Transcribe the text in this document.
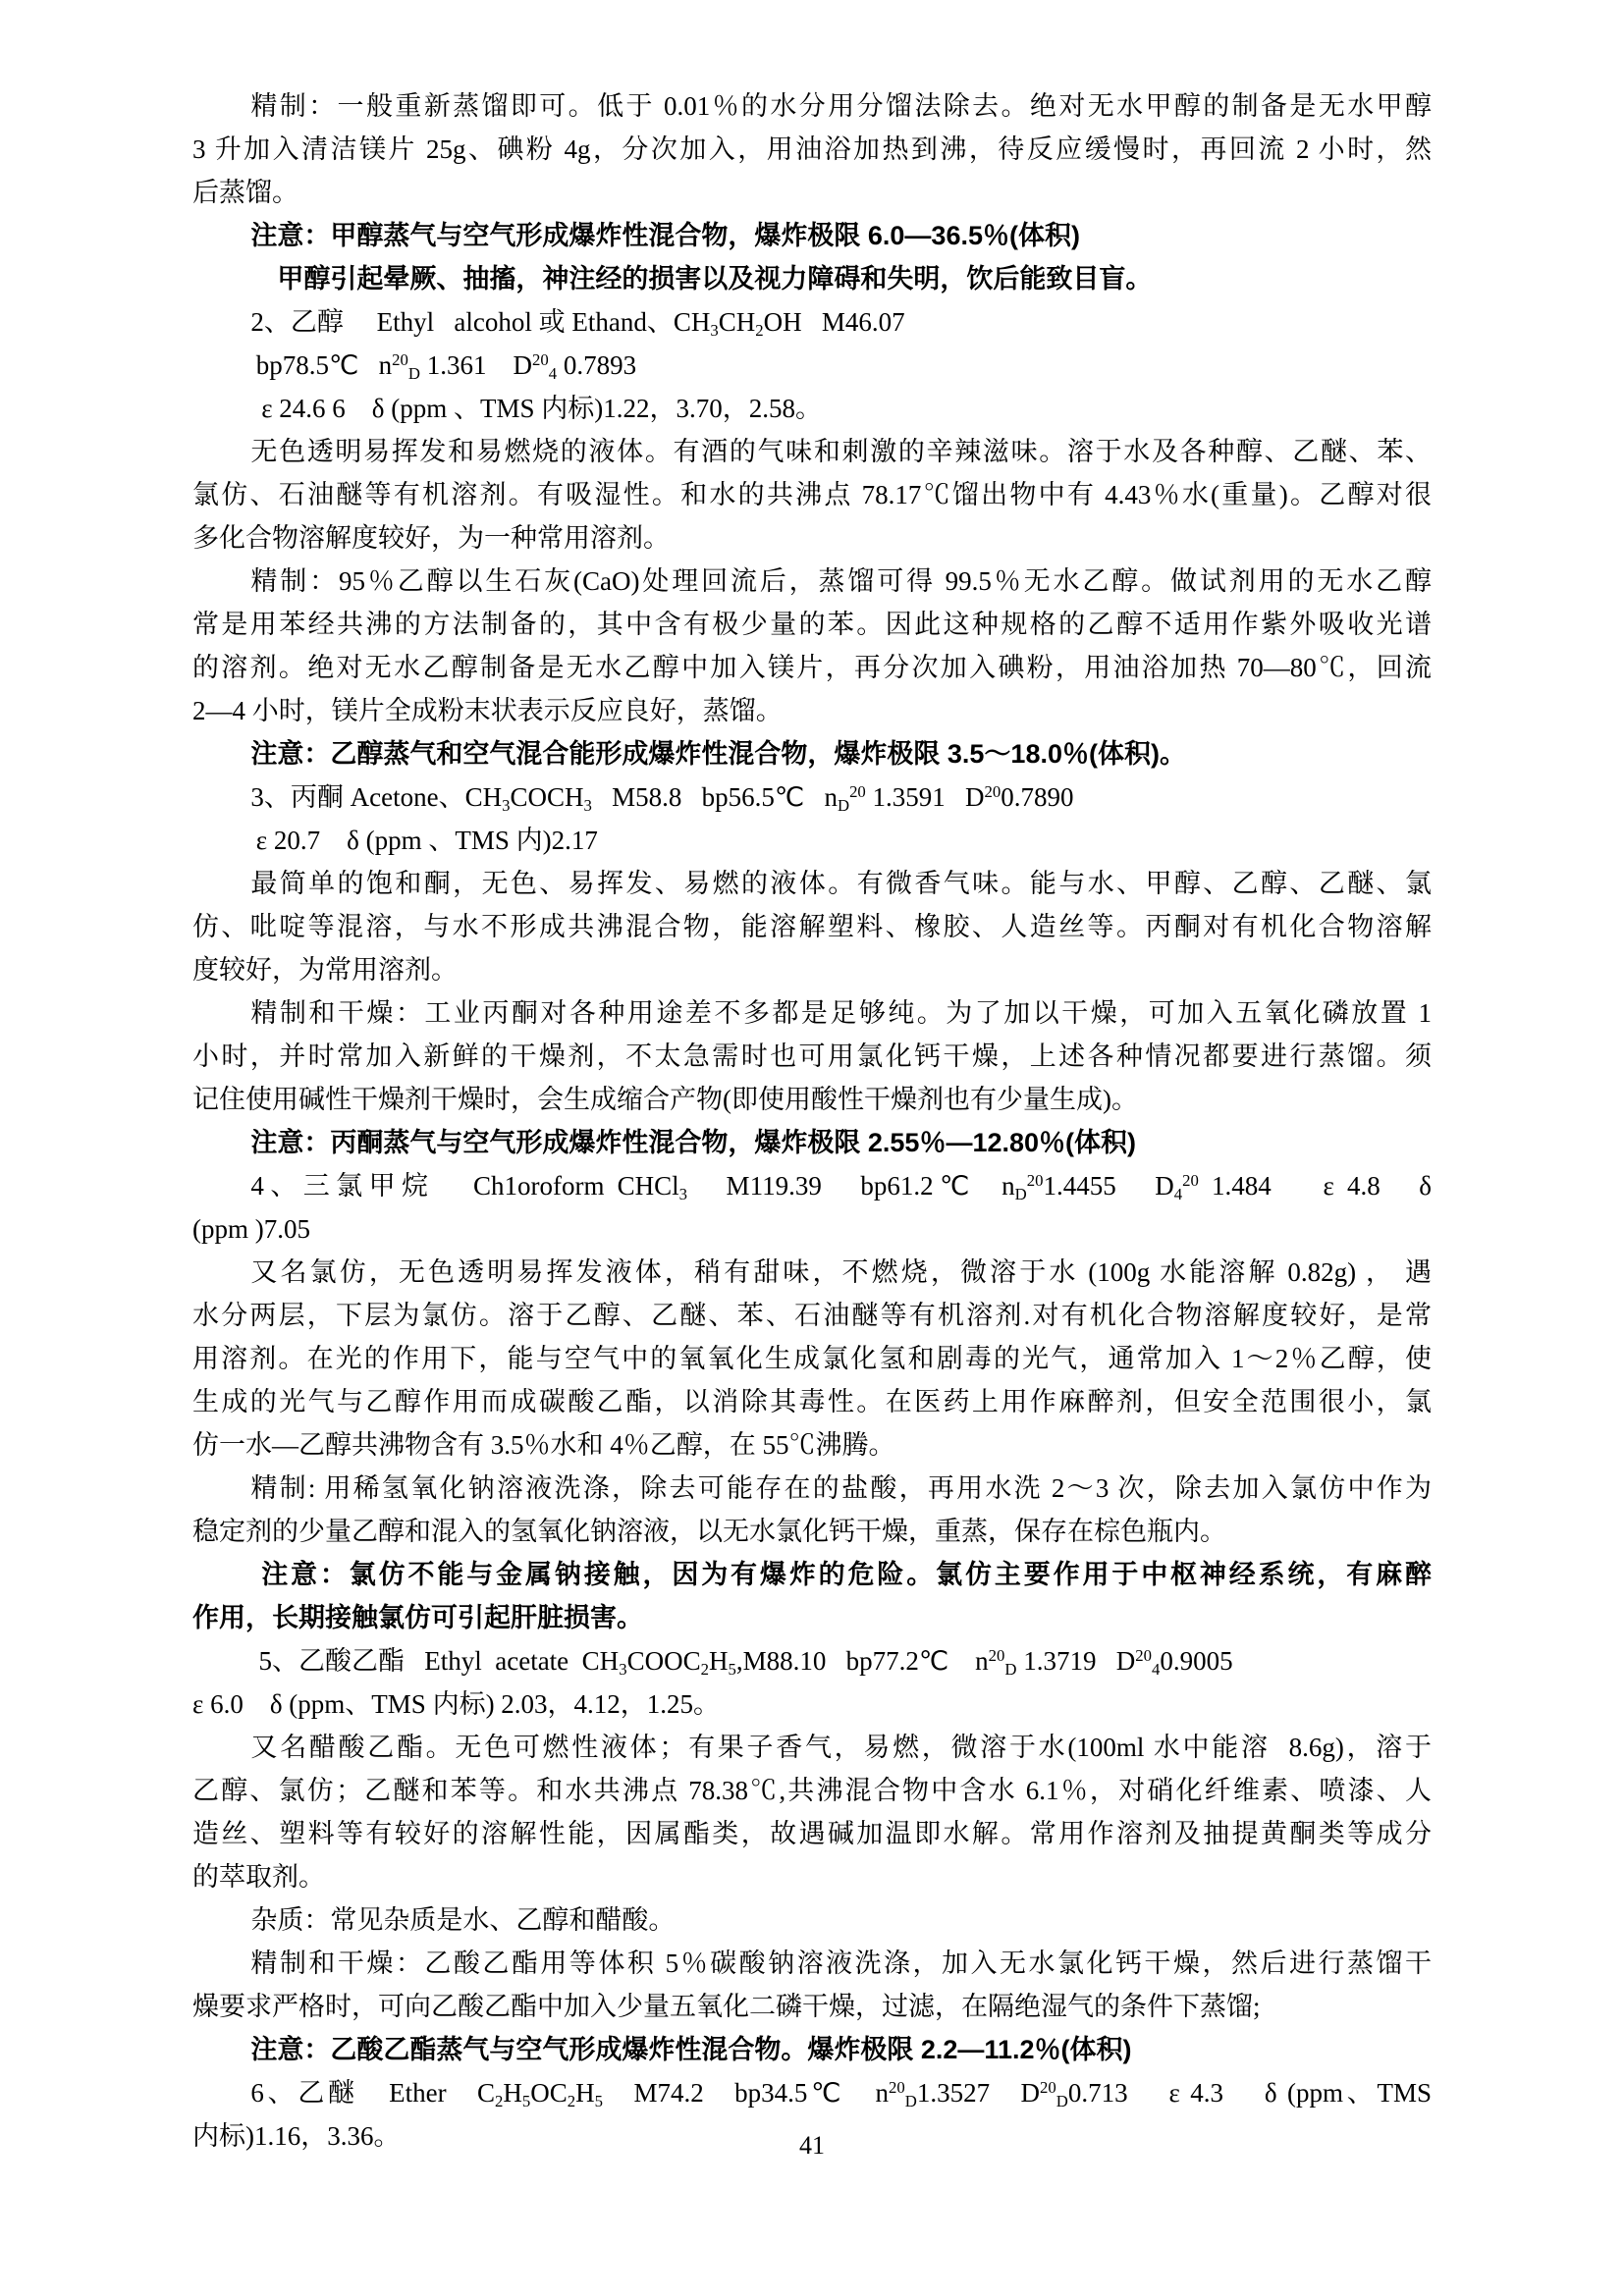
精制：一般重新蒸馏即可。低于 0.01％的水分用分馏法除去。绝对无水甲醇的制备是无水甲醇
3 升加入清洁镁片 25g、碘粉 4g，分次加入，用油浴加热到沸，待反应缓慢时，再回流 2 小时，然
后蒸馏。
注意：甲醇蒸气与空气形成爆炸性混合物，爆炸极限 6.0—36.5％(体积)
甲醇引起晕厥、抽搐，神注经的损害以及视力障碍和失明，饮后能致目盲。
2、乙醇     Ethyl   alcohol 或 Ethand、CH3CH2OH   M46.07
bp78.5℃   $n^{20}D$ 1.361    $D^{20}4$ 0.7893
ε 24.6 6    δ (ppm 、TMS 内标)1.22，3.70，2.58。
无色透明易挥发和易燃烧的液体。有酒的气味和刺激的辛辣滋味。溶于水及各种醇、乙醚、苯、
氯仿、石油醚等有机溶剂。有吸湿性。和水的共沸点 78.17℃馏出物中有 4.43％水(重量)。乙醇对很
多化合物溶解度较好，为一种常用溶剂。
精制：95％乙醇以生石灰(CaO)处理回流后，蒸馏可得 99.5％无水乙醇。做试剂用的无水乙醇
常是用苯经共沸的方法制备的，其中含有极少量的苯。因此这种规格的乙醇不适用作紫外吸收光谱
的溶剂。绝对无水乙醇制备是无水乙醇中加入镁片，再分次加入碘粉，用油浴加热 70—80℃，回流
2—4 小时，镁片全成粉末状表示反应良好，蒸馏。
注意：乙醇蒸气和空气混合能形成爆炸性混合物，爆炸极限 3.5～18.0％(体积)。
3、丙酮 Acetone、CH3COCH3   M58.8   bp56.5℃   $nD^{20}$ 1.3591   $D^{20}0.7890$
ε 20.7    δ (ppm 、TMS 内)2.17
最简单的饱和酮，无色、易挥发、易燃的液体。有微香气味。能与水、甲醇、乙醇、乙醚、氯
仿、吡啶等混溶，与水不形成共沸混合物，能溶解塑料、橡胶、人造丝等。丙酮对有机化合物溶解
度较好，为常用溶剂。
精制和干燥：工业丙酮对各种用途差不多都是足够纯。为了加以干燥，可加入五氧化磷放置 1
小时，并时常加入新鲜的干燥剂，不太急需时也可用氯化钙干燥，上述各种情况都要进行蒸馏。须
记住使用碱性干燥剂干燥时，会生成缩合产物(即使用酸性干燥剂也有少量生成)。
注意：丙酮蒸气与空气形成爆炸性混合物，爆炸极限 2.55％—12.80％(体积)
4、三氯甲烷   Ch1oroform CHCl3   M119.39   bp61.2℃  $nD^{20}1.4455$   $D4^{20}$ 1.484    ε 4.8   δ
(ppm )7.05
又名氯仿，无色透明易挥发液体，稍有甜味，不燃烧，微溶于水 (100g 水能溶解 0.82g) ， 遇
水分两层，下层为氯仿。溶于乙醇、乙醚、苯、石油醚等有机溶剂.对有机化合物溶解度较好，是常
用溶剂。在光的作用下，能与空气中的氧氧化生成氯化氢和剧毒的光气，通常加入 1～2％乙醇，使
生成的光气与乙醇作用而成碳酸乙酯，以消除其毒性。在医药上用作麻醉剂，但安全范围很小，氯
仿一水—乙醇共沸物含有 3.5％水和 4％乙醇，在 55℃沸腾。
精制: 用稀氢氧化钠溶液洗涤，除去可能存在的盐酸，再用水洗 2～3 次，除去加入氯仿中作为
稳定剂的少量乙醇和混入的氢氧化钠溶液，以无水氯化钙干燥，重蒸，保存在棕色瓶内。
注意：氯仿不能与金属钠接触，因为有爆炸的危险。氯仿主要作用于中枢神经系统，有麻醉
作用，长期接触氯仿可引起肝脏损害。
5、乙酸乙酯   Ethyl  acetate  CH3COOC2H5,M88.10   bp77.2℃    $n^{20}D$ 1.3719   $D^{20}40.9005$
ε 6.0    δ (ppm、TMS 内标) 2.03，4.12，1.25。
又名醋酸乙酯。无色可燃性液体；有果子香气，易燃，微溶于水(100ml 水中能溶  8.6g)，溶于
乙醇、氯仿；乙醚和苯等。和水共沸点 78.38℃,共沸混合物中含水 6.1％，对硝化纤维素、喷漆、人
造丝、塑料等有较好的溶解性能，因属酯类，故遇碱加温即水解。常用作溶剂及抽提黄酮类等成分
的萃取剂。
杂质：常见杂质是水、乙醇和醋酸。
精制和干燥：乙酸乙酯用等体积 5％碳酸钠溶液洗涤，加入无水氯化钙干燥，然后进行蒸馏干
燥要求严格时，可向乙酸乙酯中加入少量五氧化二磷干燥，过滤，在隔绝湿气的条件下蒸馏;
注意：乙酸乙酯蒸气与空气形成爆炸性混合物。爆炸极限 2.2—11.2％(体积)
6、乙醚   Ether   C2H5OC2H5   M74.2   bp34.5℃   $n^{20}D1.3527$   $D^{20}D0.713$    ε 4.3    δ (ppm、TMS
内标)1.16，3.36。	41
